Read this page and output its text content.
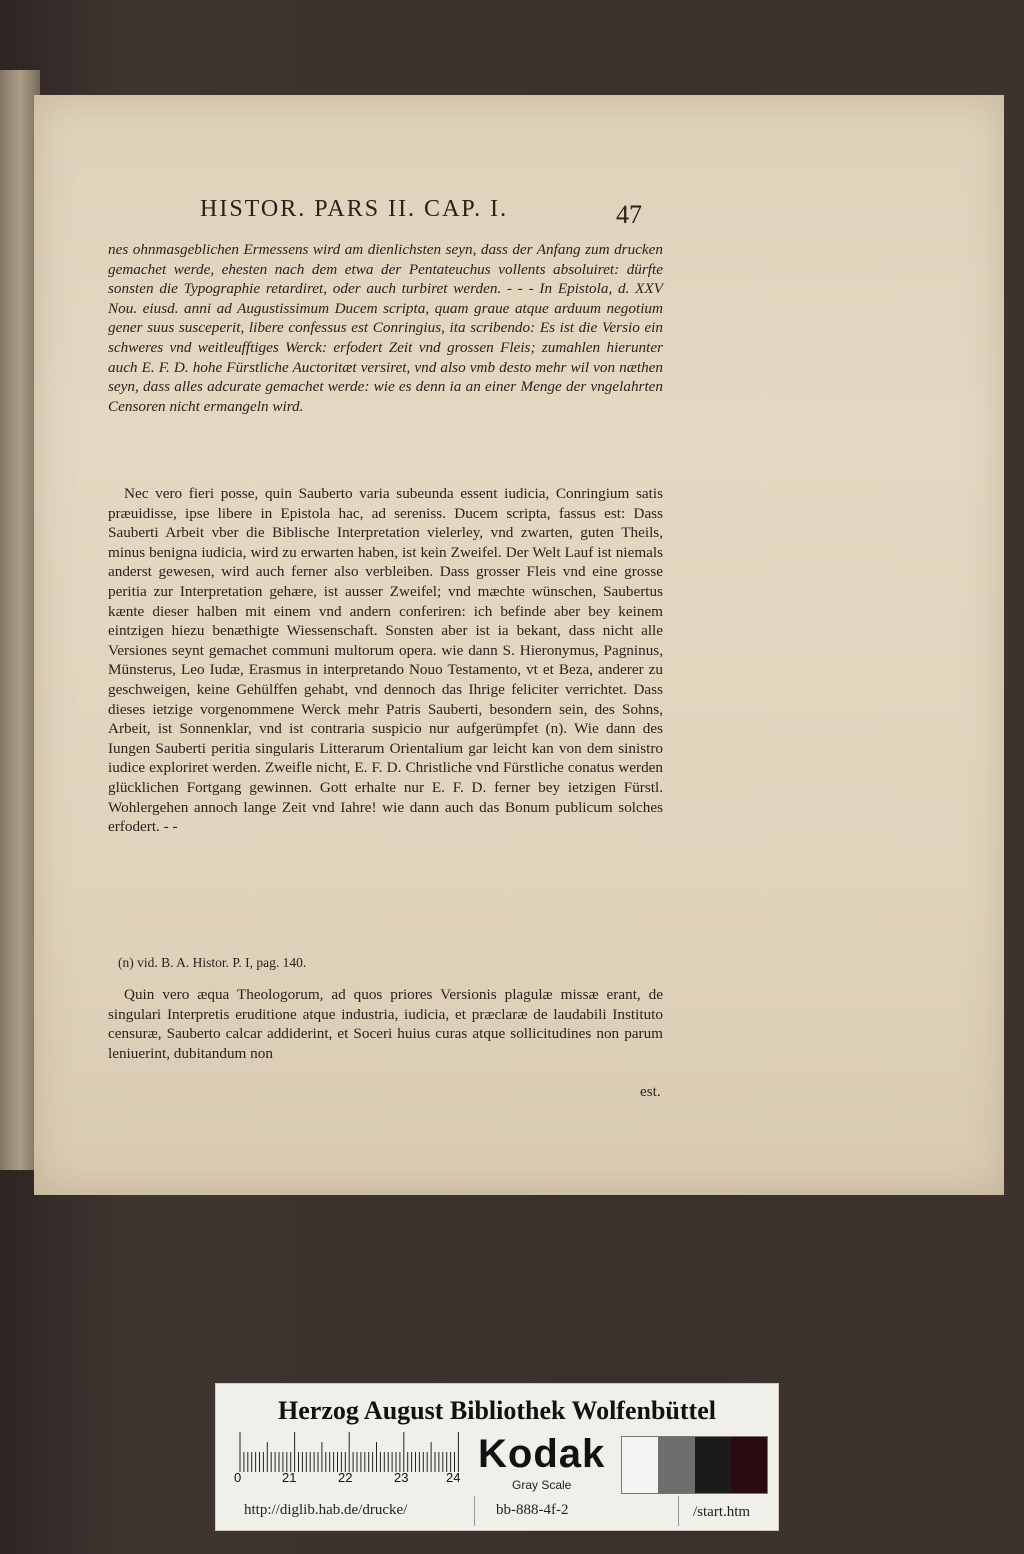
HISTOR. PARS II. CAP. I.	47

nes ohnmasgeblichen Ermessens wird am dienlichsten seyn, dass der Anfang zum drucken gemachet werde, ehesten nach dem etwa der Pentateuchus vollents absoluiret: dürfte sonsten die Typographie retardiret, oder auch turbiret werden. - - - In Epistola, d. XXV Nou. eiusd. anni ad Augustissimum Ducem scripta, quam graue atque arduum negotium gener suus susceperit, libere confessus est Conringius, ita scribendo: Es ist die Versio ein schweres vnd weitleufftiges Werck: erfodert Zeit vnd grossen Fleis; zumahlen hierunter auch E. F. D. hohe Fürstliche Auctoritæt versiret, vnd also vmb desto mehr wil von næthen seyn, dass alles adcurate gemachet werde: wie es denn ia an einer Menge der vngelahrten Censoren nicht ermangeln wird.

Nec vero fieri posse, quin Sauberto varia subeunda essent iudicia, Conringium satis præuidisse, ipse libere in Epistola hac, ad sereniss. Ducem scripta, fassus est: Dass Sauberti Arbeit vber die Biblische Interpretation vielerley, vnd zwarten, guten Theils, minus benigna iudicia, wird zu erwarten haben, ist kein Zweifel. Der Welt Lauf ist niemals anderst gewesen, wird auch ferner also verbleiben. Dass grosser Fleis vnd eine grosse peritia zur Interpretation gehære, ist ausser Zweifel; vnd mæchte wünschen, Saubertus kænte dieser halben mit einem vnd andern conferiren: ich befinde aber bey keinem eintzigen hiezu benæthigte Wiessenschaft. Sonsten aber ist ia bekant, dass nicht alle Versiones seynt gemachet communi multorum opera. wie dann S. Hieronymus, Pagninus, Münsterus, Leo Iudæ, Erasmus in interpretando Nouo Testamento, vt et Beza, anderer zu geschweigen, keine Gehülffen gehabt, vnd dennoch das Ihrige feliciter verrichtet. Dass dieses ietzige vorgenommene Werck mehr Patris Sauberti, besondern sein, des Sohns, Arbeit, ist Sonnenklar, vnd ist contraria suspicio nur aufgerümpfet (n). Wie dann des Iungen Sauberti peritia singularis Litterarum Orientalium gar leicht kan von dem sinistro iudice exploriret werden. Zweifle nicht, E. F. D. Christliche vnd Fürstliche conatus werden glücklichen Fortgang gewinnen. Gott erhalte nur E. F. D. ferner bey ietzigen Fürstl. Wohlergehen annoch lange Zeit vnd Iahre! wie dann auch das Bonum publicum solches erfodert. - -

(n) vid. B. A. Histor. P. I, pag. 140.

Quin vero æqua Theologorum, ad quos priores Versionis plagulæ missæ erant, de singulari Interpretis eruditione atque industria, iudicia, et præclaræ de laudabili Instituto censuræ, Sauberto calcar addiderint, et Soceri huius curas atque sollicitudines non parum leniuerint, dubitandum non

est.
Herzog August Bibliothek Wolfenbüttel
0	21	22	23	24
Kodak
Gray Scale
http://diglib.hab.de/drucke/	bb-888-4f-2	/start.htm
